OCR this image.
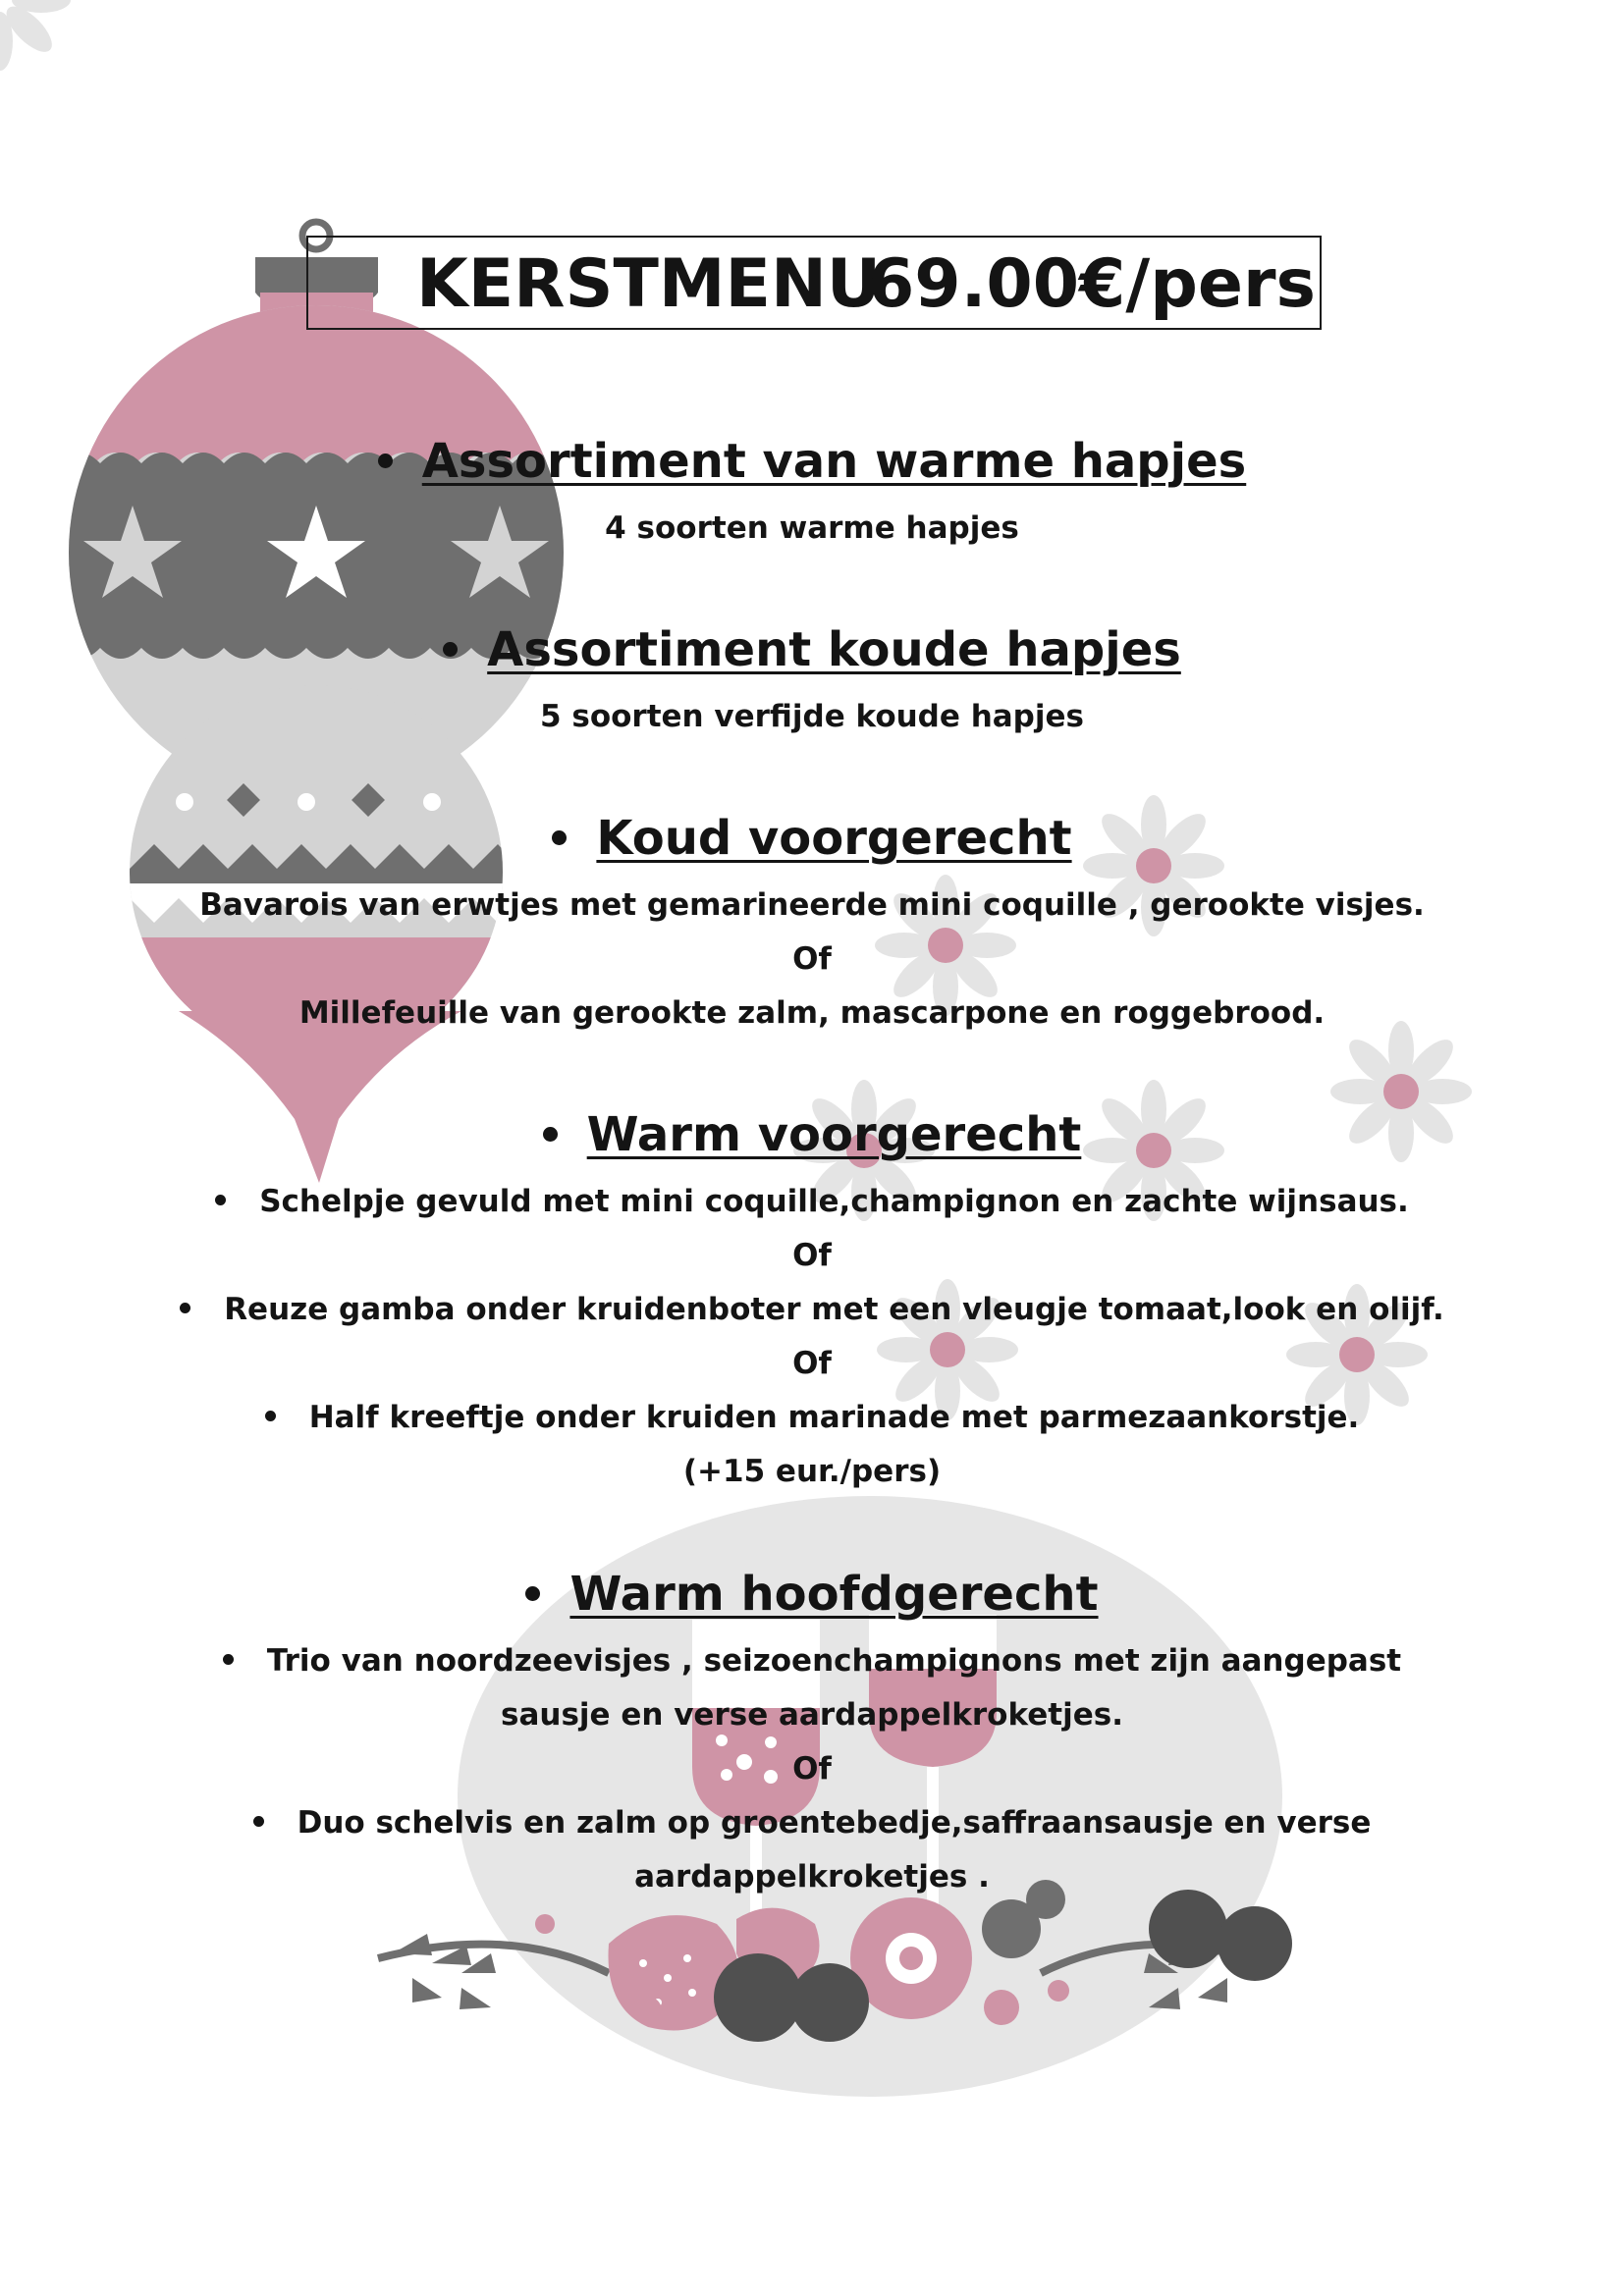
KERSTMENU
69.00€/pers
Assortiment van warme hapjes
4 soorten warme hapjes
Assortiment koude hapjes
5 soorten verfijde koude hapjes
Koud voorgerecht
Bavarois van erwtjes met gemarineerde mini coquille , gerookte visjes.
Of
Millefeuille van gerookte zalm, mascarpone en roggebrood.
Warm voorgerecht
Schelpje gevuld met mini coquille,champignon en zachte wijnsaus.
Of
Reuze gamba onder kruidenboter met een vleugje tomaat,look en olijf.
Of
Half kreeftje onder kruiden marinade met parmezaankorstje.
(+15 eur./pers)
Warm hoofdgerecht
Trio van noordzeevisjes , seizoenchampignons met zijn aangepast
sausje en verse aardappelkroketjes.
Of
Duo schelvis en zalm op groentebedje,saffraansausje en verse
aardappelkroketjes .
